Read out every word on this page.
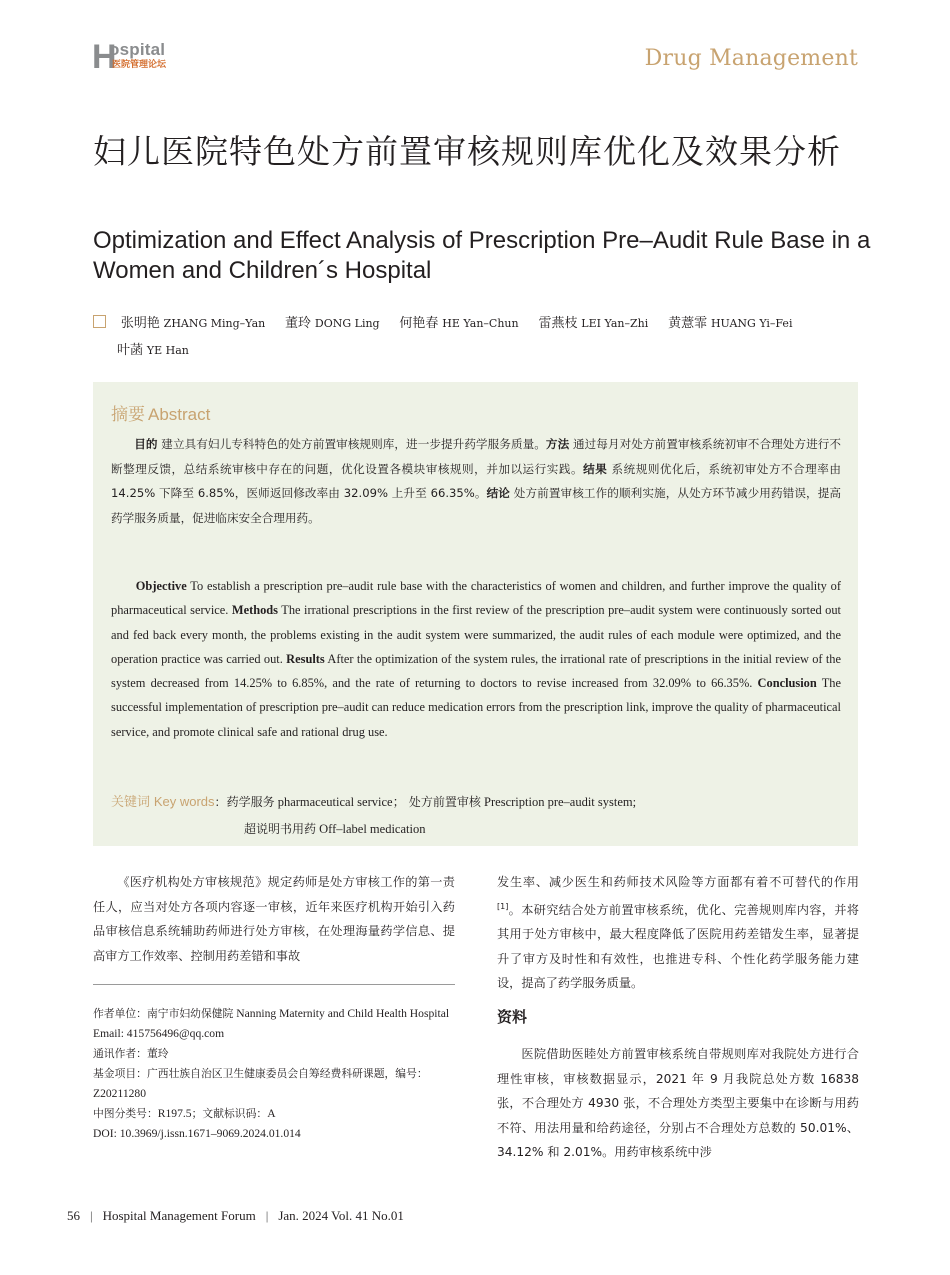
H
ospital
医院管理论坛	Drug Management
妇儿医院特色处方前置审核规则库优化及效果分析
Optimization and Effect Analysis of Prescription Pre–Audit Rule Base in a Women and Children´s Hospital
张明艳 ZHANG Ming–Yan 董玲 DONG Ling 何艳春 HE Yan–Chun 雷燕枝 LEI Yan–Zhi 黄薏霏 HUANG Yi–Fei
叶菡 YE Han
摘要 Abstract
目的 建立具有妇儿专科特色的处方前置审核规则库，进一步提升药学服务质量。方法 通过每月对处方前置审核系统初审不合理处方进行不断整理反馈，总结系统审核中存在的问题，优化设置各模块审核规则，并加以运行实践。结果 系统规则优化后，系统初审处方不合理率由 14.25% 下降至 6.85%，医师返回修改率由 32.09% 上升至 66.35%。结论 处方前置审核工作的顺利实施，从处方环节减少用药错误，提高药学服务质量，促进临床安全合理用药。
Objective To establish a prescription pre–audit rule base with the characteristics of women and children, and further improve the quality of pharmaceutical service. Methods The irrational prescriptions in the first review of the prescription pre–audit system were continuously sorted out and fed back every month, the problems existing in the audit system were summarized, the audit rules of each module were optimized, and the operation practice was carried out. Results After the optimization of the system rules, the irrational rate of prescriptions in the initial review of the system decreased from 14.25% to 6.85%, and the rate of returning to doctors to revise increased from 32.09% to 66.35%. Conclusion The successful implementation of prescription pre–audit can reduce medication errors from the prescription link, improve the quality of pharmaceutical service, and promote clinical safe and rational drug use.
关键词 Key words：药学服务 pharmaceutical service； 处方前置审核 Prescription pre–audit system;
超说明书用药 Off–label medication
《医疗机构处方审核规范》规定药师是处方审核工作的第一责任人，应当对处方各项内容逐一审核，近年来医疗机构开始引入药品审核信息系统辅助药师进行处方审核，在处理海量药学信息、提高审方工作效率、控制用药差错和事故
发生率、减少医生和药师技术风险等方面都有着不可替代的作用 [1]。本研究结合处方前置审核系统，优化、完善规则库内容，并将其用于处方审核中，最大程度降低了医院用药差错发生率，显著提升了审方及时性和有效性，也推进专科、个性化药学服务能力建设，提高了药学服务质量。
作者单位：南宁市妇幼保健院 Nanning Maternity and Child Health Hospital
Email: 415756496@qq.com
通讯作者：董玲
基金项目：广西壮族自治区卫生健康委员会自筹经费科研课题，编号：Z20211280
中图分类号：R197.5；文献标识码：A
DOI: 10.3969/j.issn.1671–9069.2024.01.014
资料
医院借助医睦处方前置审核系统自带规则库对我院处方进行合理性审核，审核数据显示，2021 年 9 月我院总处方数 16838 张，不合理处方 4930 张，不合理处方类型主要集中在诊断与用药不符、用法用量和给药途径，分别占不合理处方总数的 50.01%、34.12% 和 2.01%。用药审核系统中涉
56 | Hospital Management Forum | Jan. 2024 Vol. 41 No.01
